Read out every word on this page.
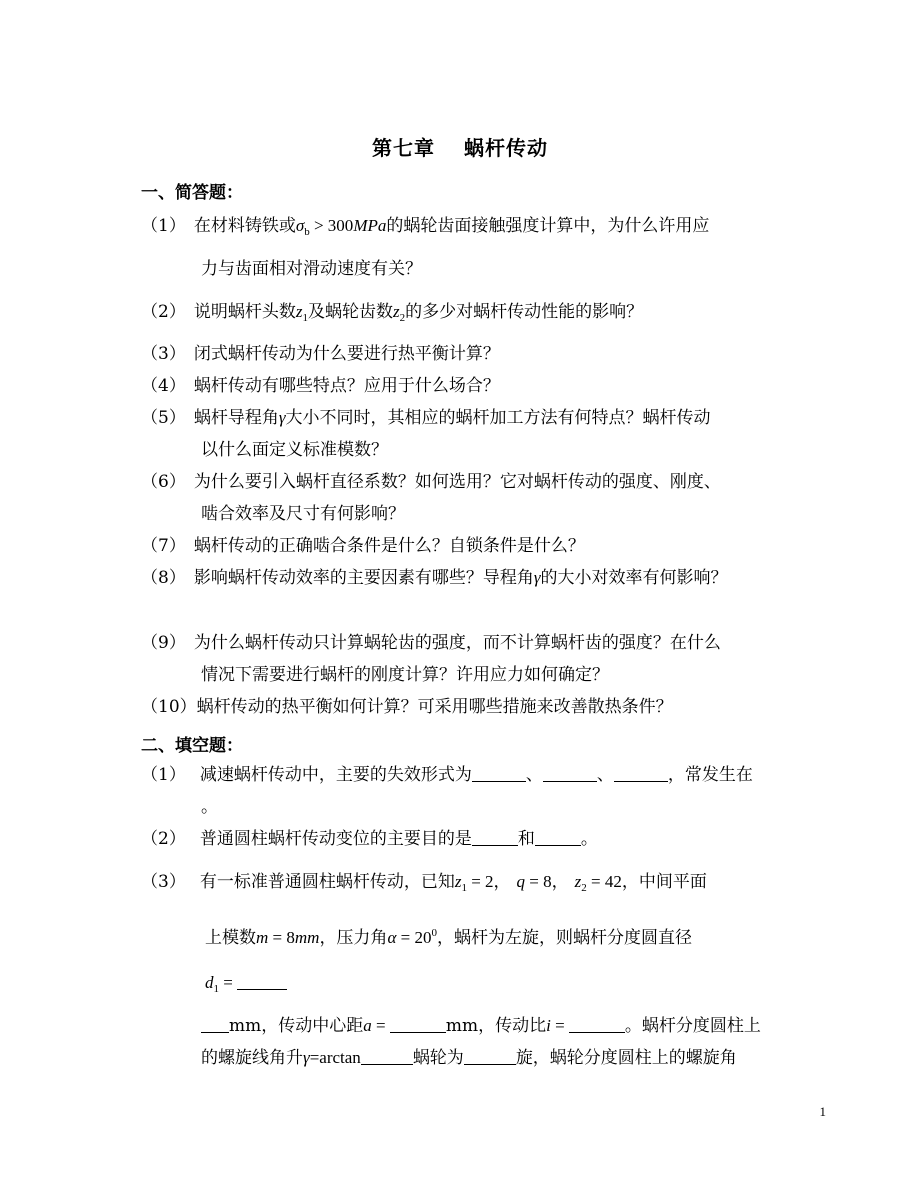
第七章　 蜗杆传动
一、简答题：
（1） 在材料铸铁或$\sigma_b > 300MPa$的蜗轮齿面接触强度计算中，为什么许用应
力与齿面相对滑动速度有关？
（2） 说明蜗杆头数$z_1$及蜗轮齿数$z_2$的多少对蜗杆传动性能的影响？
（3） 闭式蜗杆传动为什么要进行热平衡计算？
（4） 蜗杆传动有哪些特点？应用于什么场合？
（5） 蜗杆导程角γ大小不同时，其相应的蜗杆加工方法有何特点？蜗杆传动
以什么面定义标准模数？
（6） 为什么要引入蜗杆直径系数？如何选用？它对蜗杆传动的强度、刚度、
啮合效率及尺寸有何影响？
（7） 蜗杆传动的正确啮合条件是什么？自锁条件是什么？
（8） 影响蜗杆传动效率的主要因素有哪些？导程角γ的大小对效率有何影响？
（9） 为什么蜗杆传动只计算蜗轮齿的强度，而不计算蜗杆齿的强度？在什么
情况下需要进行蜗杆的刚度计算？许用应力如何确定？
（10）蜗杆传动的热平衡如何计算？可采用哪些措施来改善散热条件？
二、填空题：
（1） 减速蜗杆传动中，主要的失效形式为	、	、	，常发生在
。
（2） 普通圆柱蜗杆传动变位的主要目的是	和	。
（3） 有一标准普通圆柱蜗杆传动，已知$z_1 = 2$， q = 8， $z_2 = 42$，中间平面
上模数m = 8mm，压力角$\alpha = 20^0$，蜗杆为左旋，则蜗杆分度圆直径
$d_1$ =
mm，传动中心距a =	mm，传动比i =	。蜗杆分度圆柱上
的螺旋线角升γ=arctan	蜗轮为	旋，蜗轮分度圆柱上的螺旋角
1
